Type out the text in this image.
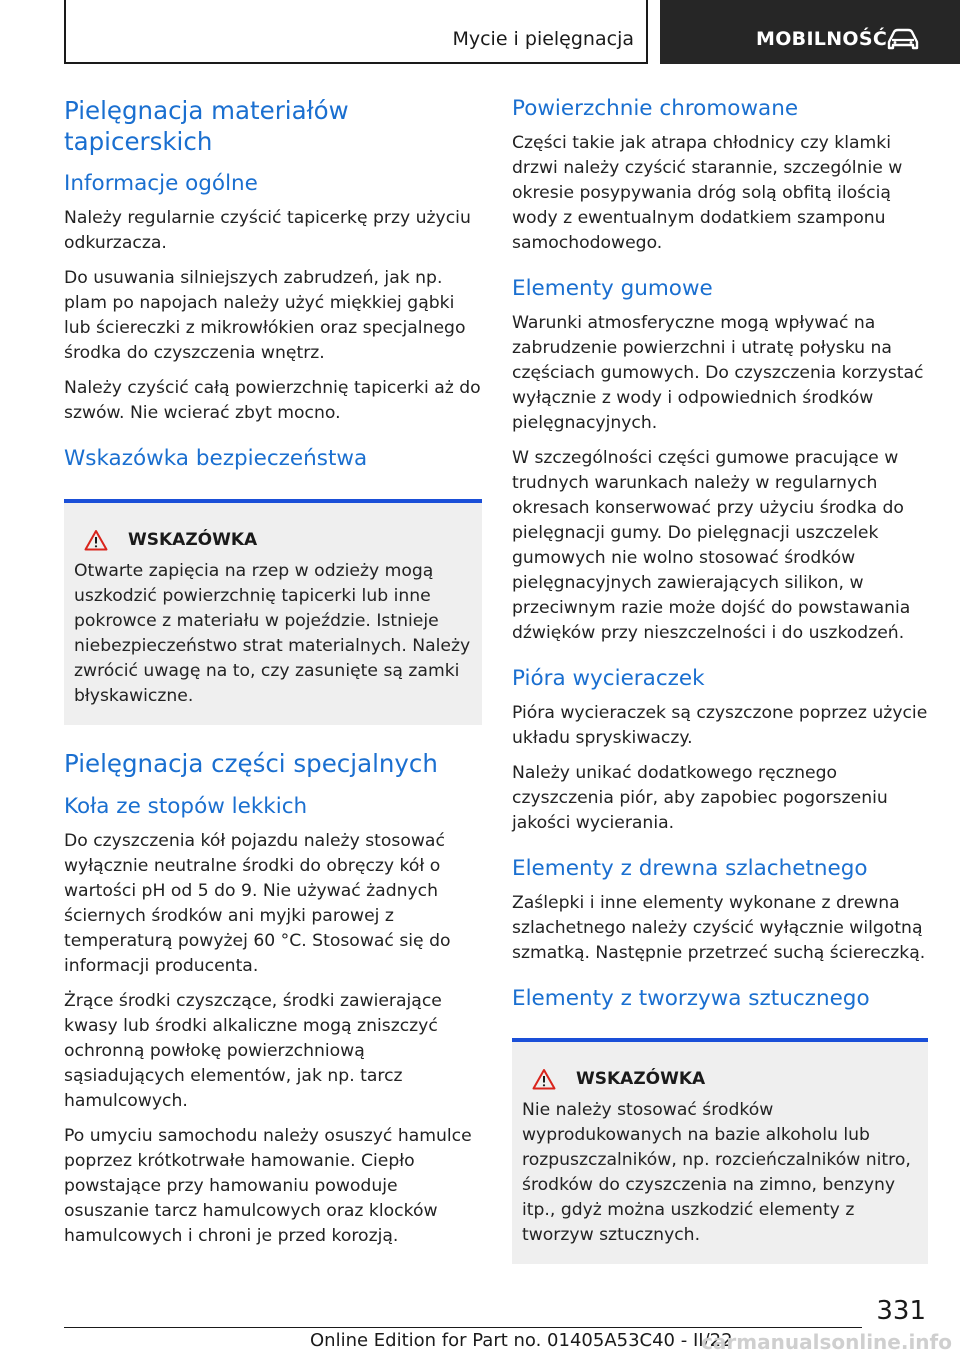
Mycie i pielęgnacja	MOBILNOŚĆ
Pielęgnacja materiałów tapicerskich
Informacje ogólne

Należy regularnie czyścić tapicerkę przy użyciu odkurzacza.

Do usuwania silniejszych zabrudzeń, jak np. plam po napojach należy użyć miękkiej gąbki lub ściereczki z mikrowłókien oraz specjalnego środka do czyszczenia wnętrz.

Należy czyścić całą powierzchnię tapicerki aż do szwów. Nie wcierać zbyt mocno.

Wskazówka bezpieczeństwa
WSKAZÓWKA

Otwarte zapięcia na rzep w odzieży mogą uszkodzić powierzchnię tapicerki lub inne pokrowce z materiału w pojeździe. Istnieje niebezpieczeństwo strat materialnych. Należy zwrócić uwagę na to, czy zasunięte są zamki błyskawiczne.

Pielęgnacja części specjalnych
Koła ze stopów lekkich

Do czyszczenia kół pojazdu należy stosować wyłącznie neutralne środki do obręczy kół o wartości pH od 5 do 9. Nie używać żadnych ściernych środków ani myjki parowej z temperaturą powyżej 60 °C. Stosować się do informacji producenta.

Żrące środki czyszczące, środki zawierające kwasy lub środki alkaliczne mogą zniszczyć ochronną powłokę powierzchniową sąsiadujących elementów, jak np. tarcz hamulcowych.

Po umyciu samochodu należy osuszyć hamulce poprzez krótkotrwałe hamowanie. Ciepło powstające przy hamowaniu powoduje osuszanie tarcz hamulcowych oraz klocków hamulcowych i chroni je przed korozją.

Powierzchnie chromowane

Części takie jak atrapa chłodnicy czy klamki drzwi należy czyścić starannie, szczególnie w okresie posypywania dróg solą obfitą ilością wody z ewentualnym dodatkiem szamponu samochodowego.

Elementy gumowe

Warunki atmosferyczne mogą wpływać na zabrudzenie powierzchni i utratę połysku na częściach gumowych. Do czyszczenia korzystać wyłącznie z wody i odpowiednich środków pielęgnacyjnych.

W szczególności części gumowe pracujące w trudnych warunkach należy w regularnych okresach konserwować przy użyciu środka do pielęgnacji gumy. Do pielęgnacji uszczelek gumowych nie wolno stosować środków pielęgnacyjnych zawierających silikon, w przeciwnym razie może dojść do powstawania dźwięków przy nieszczelności i do uszkodzeń.

Pióra wycieraczek

Pióra wycieraczek są czyszczone poprzez użycie układu spryskiwaczy.

Należy unikać dodatkowego ręcznego czyszczenia piór, aby zapobiec pogorszeniu jakości wycierania.

Elementy z drewna szlachetnego

Zaślepki i inne elementy wykonane z drewna szlachetnego należy czyścić wyłącznie wilgotną szmatką. Następnie przetrzeć suchą ściereczką.

Elementy z tworzywa sztucznego
WSKAZÓWKA

Nie należy stosować środków wyprodukowanych na bazie alkoholu lub rozpuszczalników, np. rozcieńczalników nitro, środków do czyszczenia na zimno, benzyny itp., gdyż można uszkodzić elementy z tworzyw sztucznych.

331
Online Edition for Part no. 01405A53C40 - II/22
carmanualsonline.info
